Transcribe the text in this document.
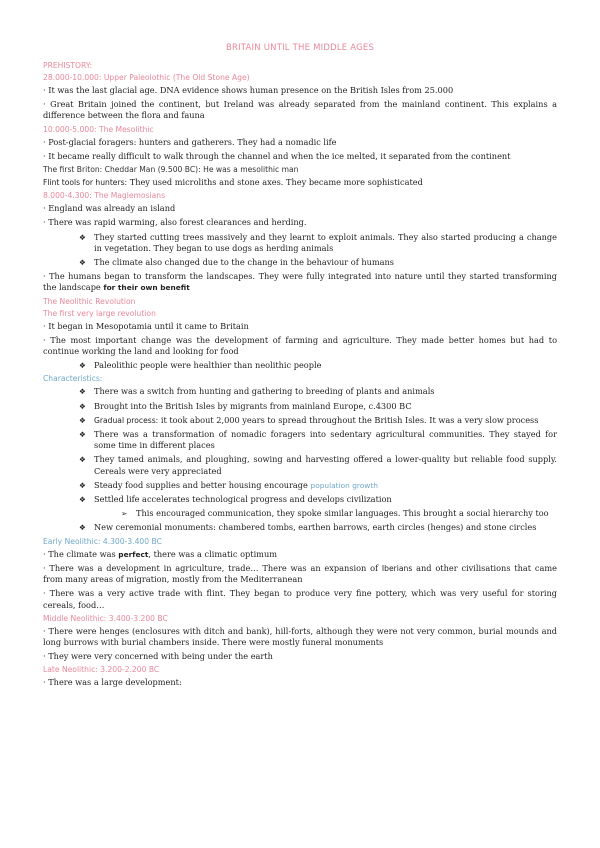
BRITAIN UNTIL THE MIDDLE AGES
PREHISTORY:
28.000-10.000: Upper Paleolothic (The Old Stone Age)

· It was the last glacial age. DNA evidence shows human presence on the British Isles from 25.000

· Great Britain joined the continent, but Ireland was already separated from the mainland continent. This explains a difference between the flora and fauna

10.000-5.000: The Mesolithic

· Post-glacial foragers: hunters and gatherers. They had a nomadic life

· It became really difficult to walk through the channel and when the ice melted, it separated from the continent

The first Briton: Cheddar Man (9.500 BC): He was a mesolithic man

Flint tools for hunters: They used microliths and stone axes. They became more sophisticated

8.000-4.300: The Maglemosians

· England was already an island

· There was rapid warming, also forest clearances and herding.

❖ They started cutting trees massively and they learnt to exploit animals. They also started producing a change in vegetation. They began to use dogs as herding animals
❖ The climate also changed due to the change in the behaviour of humans

· The humans began to transform the landscapes. They were fully integrated into nature until they started transforming the landscape for their own benefit

The Neolithic Revolution
The first very large revolution

· It began in Mesopotamia until it came to Britain

· The most important change was the development of farming and agriculture. They made better homes but had to continue working the land and looking for food

❖ Paleolithic people were healthier than neolithic people
Characteristics:
❖ There was a switch from hunting and gathering to breeding of plants and animals
❖ Brought into the British Isles by migrants from mainland Europe, c.4300 BC
❖ Gradual process: it took about 2,000 years to spread throughout the British Isles. It was a very slow process
❖ There was a transformation of nomadic foragers into sedentary agricultural communities. They stayed for some time in different places
❖ They tamed animals, and ploughing, sowing and harvesting offered a lower-quality but reliable food supply. Cereals were very appreciated
❖ Steady food supplies and better housing encourage population growth
❖ Settled life accelerates technological progress and develops civilization
➢ This encouraged communication, they spoke similar languages. This brought a social hierarchy too
❖ New ceremonial monuments: chambered tombs, earthen barrows, earth circles (henges) and stone circles
Early Neolithic: 4.300-3.400 BC

· The climate was perfect, there was a climatic optimum

· There was a development in agriculture, trade… There was an expansion of Iberians and other civilisations that came from many areas of migration, mostly from the Mediterranean

· There was a very active trade with flint. They began to produce very fine pottery, which was very useful for storing cereals, food…

Middle Neolithic: 3.400-3.200 BC

· There were henges (enclosures with ditch and bank), hill-forts, although they were not very common, burial mounds and long burrows with burial chambers inside. There were mostly funeral monuments

· They were very concerned with being under the earth

Late Neolithic: 3.200-2.200 BC

· There was a large development:
